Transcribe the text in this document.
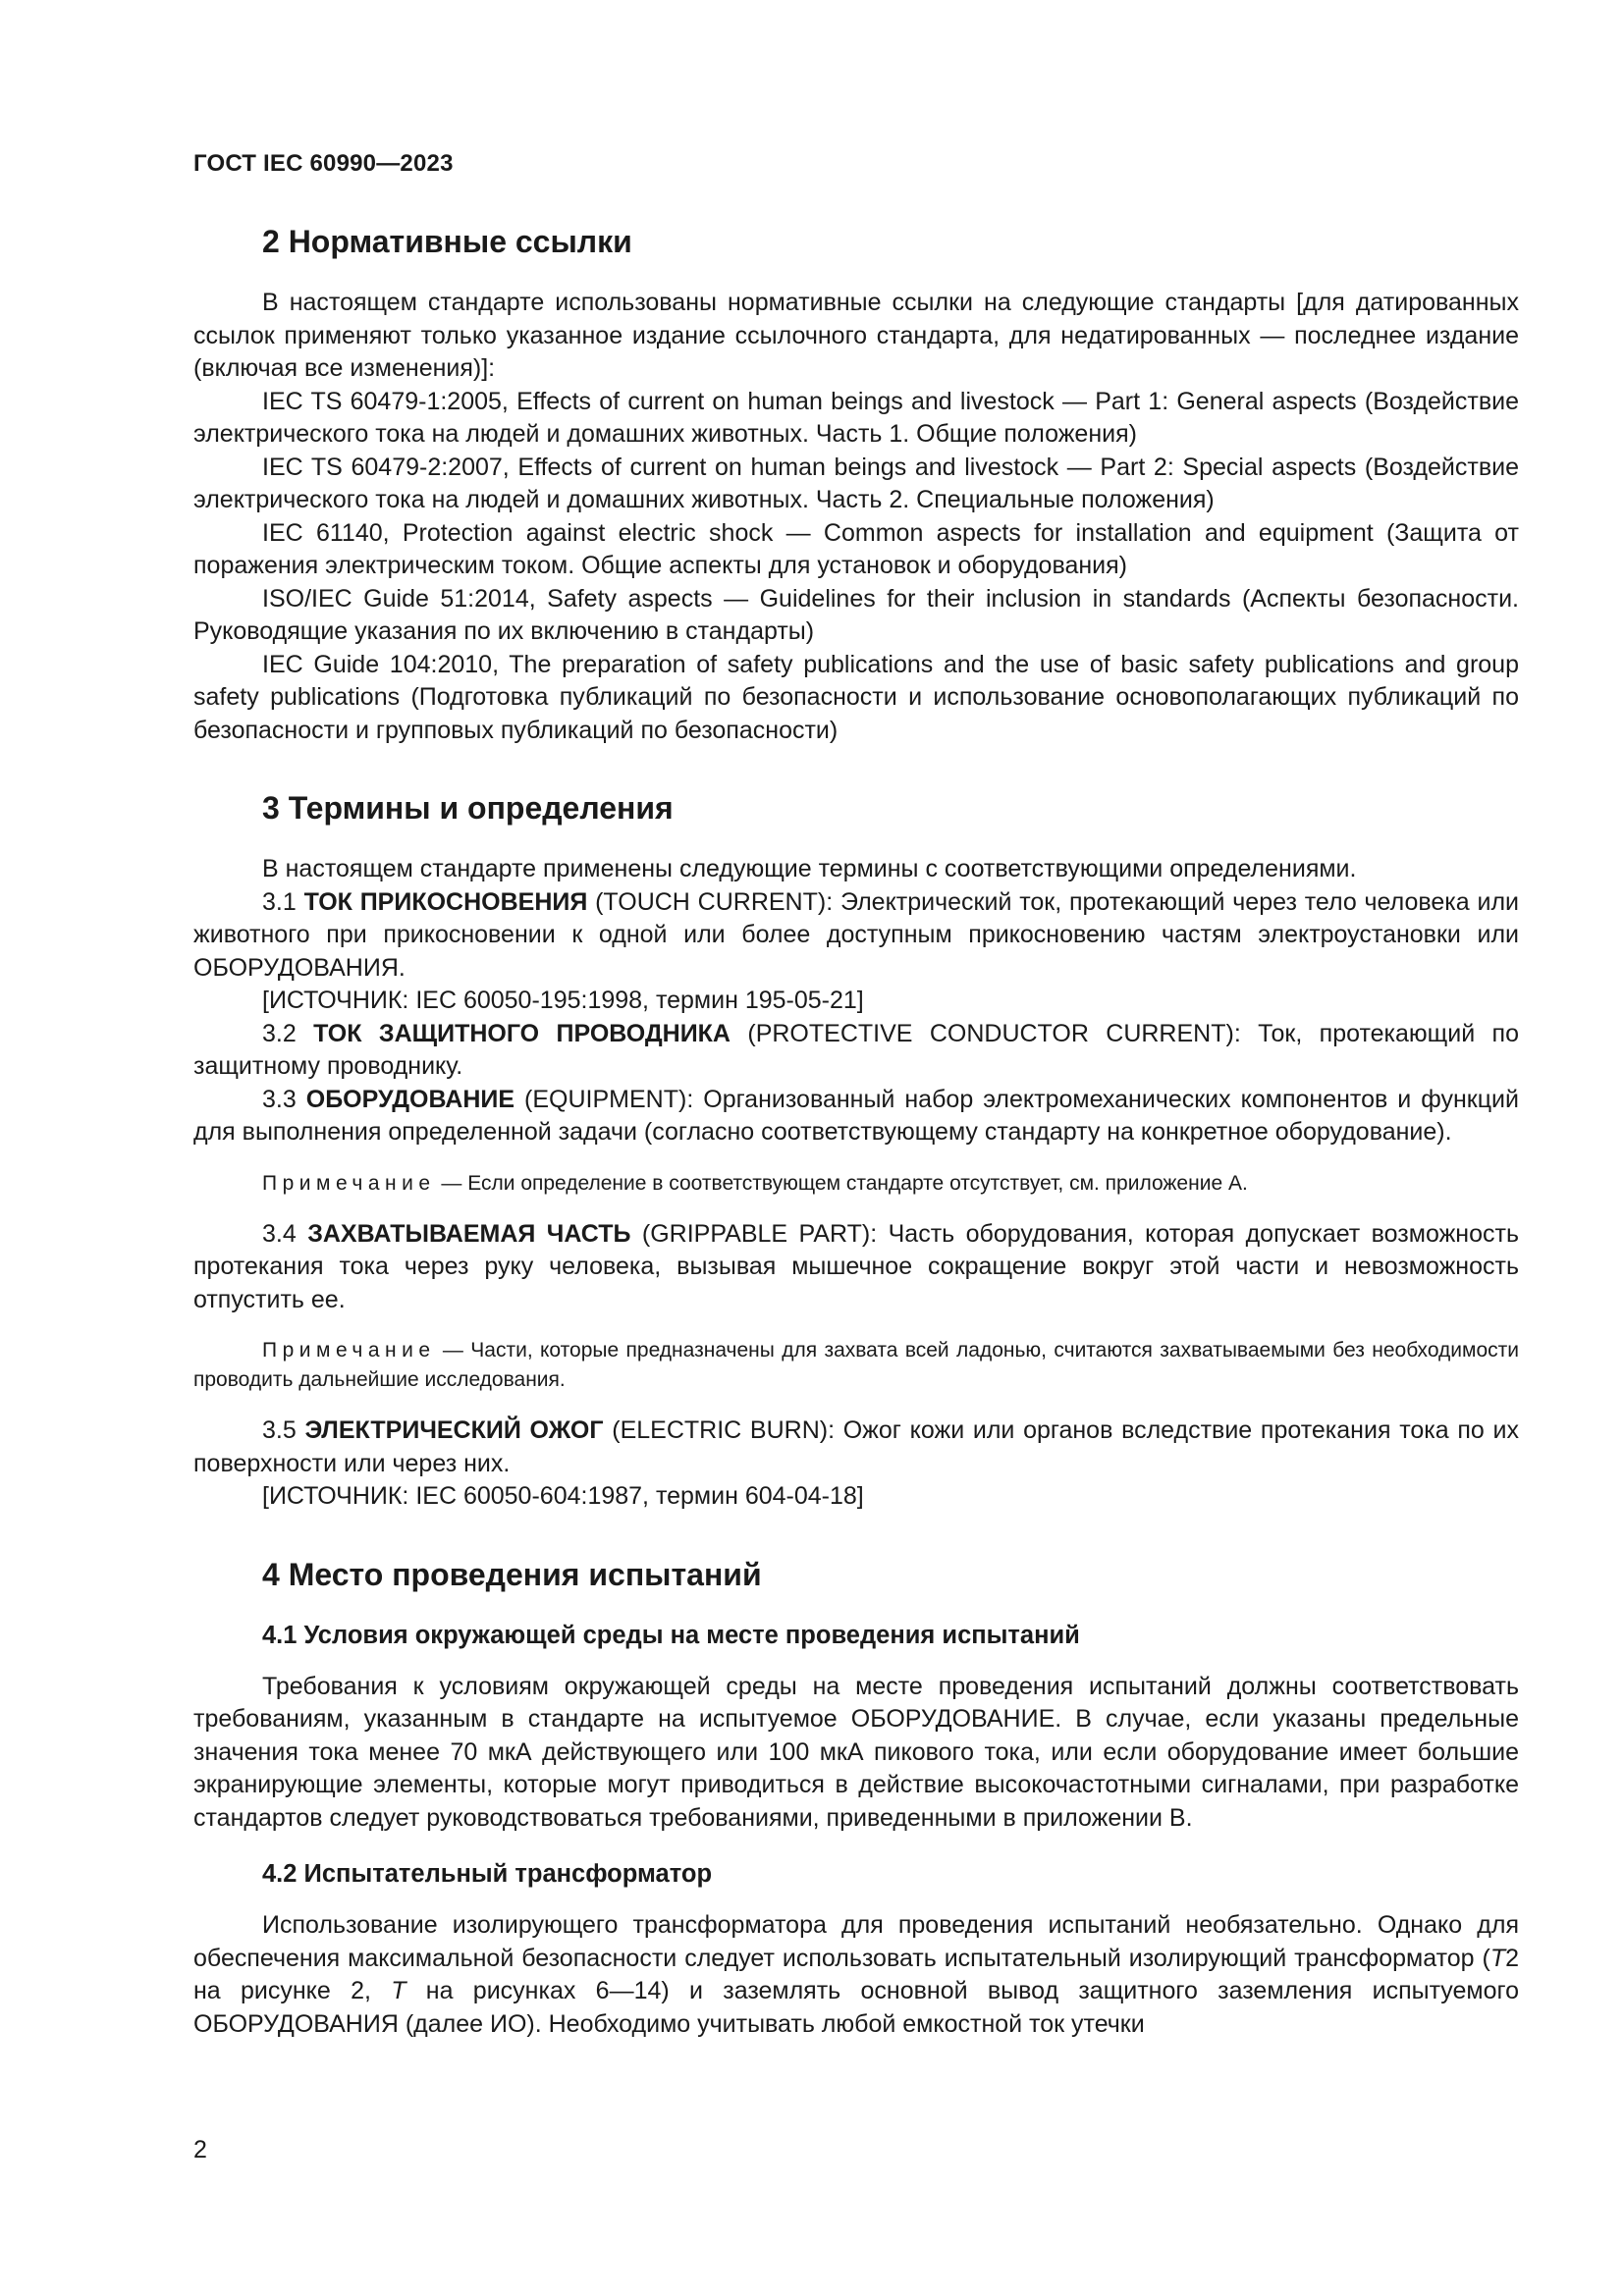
ГОСТ IEC 60990—2023
2 Нормативные ссылки

В настоящем стандарте использованы нормативные ссылки на следующие стандарты [для датированных ссылок применяют только указанное издание ссылочного стандарта, для недатированных — последнее издание (включая все изменения)]:

IEC TS 60479-1:2005, Effects of current on human beings and livestock — Part 1: General aspects (Воздействие электрического тока на людей и домашних животных. Часть 1. Общие положения)

IEC TS 60479-2:2007, Effects of current on human beings and livestock — Part 2: Special aspects (Воздействие электрического тока на людей и домашних животных. Часть 2. Специальные положения)

IEC 61140, Protection against electric shock — Common aspects for installation and equipment (Защита от поражения электрическим током. Общие аспекты для установок и оборудования)

ISO/IEC Guide 51:2014, Safety aspects — Guidelines for their inclusion in standards (Аспекты безопасности. Руководящие указания по их включению в стандарты)

IEC Guide 104:2010, The preparation of safety publications and the use of basic safety publications and group safety publications (Подготовка публикаций по безопасности и использование основополагающих публикаций по безопасности и групповых публикаций по безопасности)

3 Термины и определения

В настоящем стандарте применены следующие термины с соответствующими определениями.

3.1 ТОК ПРИКОСНОВЕНИЯ (TOUCH CURRENT): Электрический ток, протекающий через тело человека или животного при прикосновении к одной или более доступным прикосновению частям электроустановки или ОБОРУДОВАНИЯ.

[ИСТОЧНИК: IEC 60050-195:1998, термин 195-05-21]

3.2 ТОК ЗАЩИТНОГО ПРОВОДНИКА (PROTECTIVE CONDUCTOR CURRENT): Ток, протекающий по защитному проводнику.

3.3 ОБОРУДОВАНИЕ (EQUIPMENT): Организованный набор электромеханических компонентов и функций для выполнения определенной задачи (согласно соответствующему стандарту на конкретное оборудование).

Примечание — Если определение в соответствующем стандарте отсутствует, см. приложение А.

3.4 ЗАХВАТЫВАЕМАЯ ЧАСТЬ (GRIPPABLE PART): Часть оборудования, которая допускает возможность протекания тока через руку человека, вызывая мышечное сокращение вокруг этой части и невозможность отпустить ее.

Примечание — Части, которые предназначены для захвата всей ладонью, считаются захватываемыми без необходимости проводить дальнейшие исследования.

3.5 ЭЛЕКТРИЧЕСКИЙ ОЖОГ (ELECTRIC BURN): Ожог кожи или органов вследствие протекания тока по их поверхности или через них.

[ИСТОЧНИК: IEC 60050-604:1987, термин 604-04-18]

4 Место проведения испытаний
4.1 Условия окружающей среды на месте проведения испытаний

Требования к условиям окружающей среды на месте проведения испытаний должны соответствовать требованиям, указанным в стандарте на испытуемое ОБОРУДОВАНИЕ. В случае, если указаны предельные значения тока менее 70 мкА действующего или 100 мкА пикового тока, или если оборудование имеет большие экранирующие элементы, которые могут приводиться в действие высокочастотными сигналами, при разработке стандартов следует руководствоваться требованиями, приведенными в приложении В.

4.2 Испытательный трансформатор

Использование изолирующего трансформатора для проведения испытаний необязательно. Однако для обеспечения максимальной безопасности следует использовать испытательный изолирующий трансформатор (T2 на рисунке 2, T на рисунках 6—14) и заземлять основной вывод защитного заземления испытуемого ОБОРУДОВАНИЯ (далее ИО). Необходимо учитывать любой емкостной ток утечки

2
